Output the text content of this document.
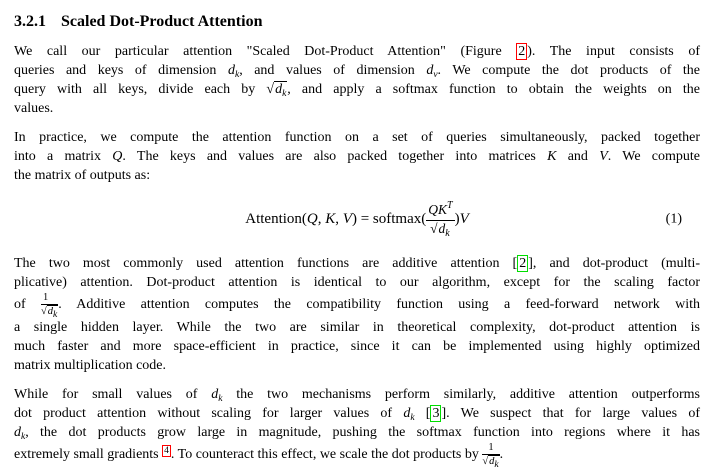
3.2.1 Scaled Dot-Product Attention
We call our particular attention "Scaled Dot-Product Attention" (Figure 2 ). The input consists of
queries and keys of dimension $d_k$, and values of dimension $d_v$. We compute the dot products of the
query with all keys, divide each by $√d_k$, and apply a softmax function to obtain the weights on the
values.
In practice, we compute the attention function on a set of queries simultaneously, packed together
into a matrix Q. The keys and values are also packed together into matrices K and V. We compute
the matrix of outputs as:
Attention(Q, K, V) = softmax( $\frac{QK^T}{√d_k} )V$	(1)
The two most commonly used attention functions are additive attention [ 2 ], and dot-product (multi-
plicative) attention. Dot-product attention is identical to our algorithm, except for the scaling factor
of $\frac{1}{√d_k}$ . Additive attention computes the compatibility function using a feed-forward network with
a single hidden layer. While the two are similar in theoretical complexity, dot-product attention is
much faster and more space-efficient in practice, since it can be implemented using highly optimized
matrix multiplication code.
While for small values of $d_k$ the two mechanisms perform similarly, additive attention outperforms
dot product attention without scaling for larger values of $d_k$ [ 3 ]. We suspect that for large values of
$d_k$, the dot products grow large in magnitude, pushing the softmax function into regions where it has
extremely small gradients $^4$ . To counteract this effect, we scale the dot products by $\frac{1}{√d_k}$ .
